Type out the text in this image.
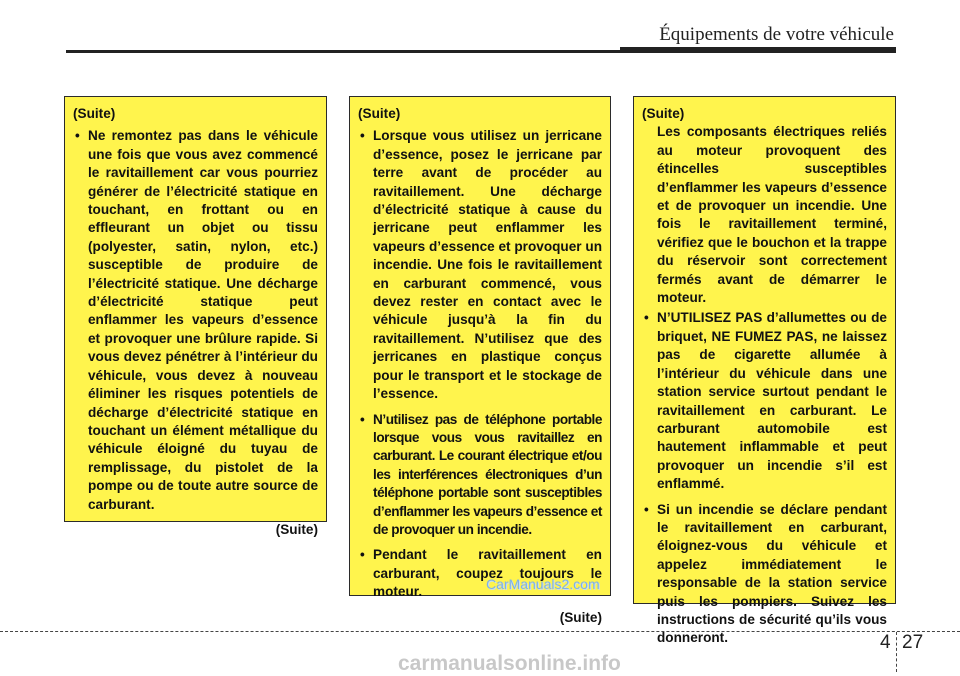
Équipements de votre véhicule
(Suite)
• Ne remontez pas dans le véhicule une fois que vous avez commencé le ravitaillement car vous pourriez générer de l’électricité statique en touchant, en frottant ou en effleurant un objet ou tissu (polyester, satin, nylon, etc.) susceptible de produire de l’électricité statique. Une décharge d’électricité statique peut enflammer les vapeurs d’essence et provoquer une brûlure rapide. Si vous devez pénétrer à l’intérieur du véhicule, vous devez à nouveau éliminer les risques potentiels de décharge d’électricité statique en touchant un élément métallique du véhicule éloigné du tuyau de remplissage, du pistolet de la pompe ou de toute autre source de carburant.
(Suite)
(Suite)
• Lorsque vous utilisez un jerricane d’essence, posez le jerricane par terre avant de procéder au ravitaillement. Une décharge d’électricité statique à cause du jerricane peut enflammer les vapeurs d’essence et provoquer un incendie. Une fois le ravitaillement en carburant commencé, vous devez rester en contact avec le véhicule jusqu’à la fin du ravitaillement. N’utilisez que des jerricanes en plastique conçus pour le transport et le stockage de l’essence.
• N’utilisez pas de téléphone portable lorsque vous vous ravitaillez en carburant. Le courant électrique et/ou les interférences électroniques d’un téléphone portable sont susceptibles d’enflammer les vapeurs d’essence et de provoquer un incendie.
• Pendant le ravitaillement en carburant, coupez toujours le moteur.
(Suite)
(Suite)
Les composants électriques reliés au moteur provoquent des étincelles susceptibles d’enflammer les vapeurs d’essence et de provoquer un incendie. Une fois le ravitaillement terminé, vérifiez que le bouchon et la trappe du réservoir sont correctement fermés avant de démarrer le moteur.
• N’UTILISEZ PAS d’allumettes ou de briquet, NE FUMEZ PAS, ne laissez pas de cigarette allumée à l’intérieur du véhicule dans une station service surtout pendant le ravitaillement en carburant. Le carburant automobile est hautement inflammable et peut provoquer un incendie s’il est enflammé.
• Si un incendie se déclare pendant le ravitaillement en carburant, éloignez-vous du véhicule et appelez immédiatement le responsable de la station service puis les pompiers. Suivez les instructions de sécurité qu’ils vous donneront.
CarManuals2.com
4 27
carmanualsonline.info
